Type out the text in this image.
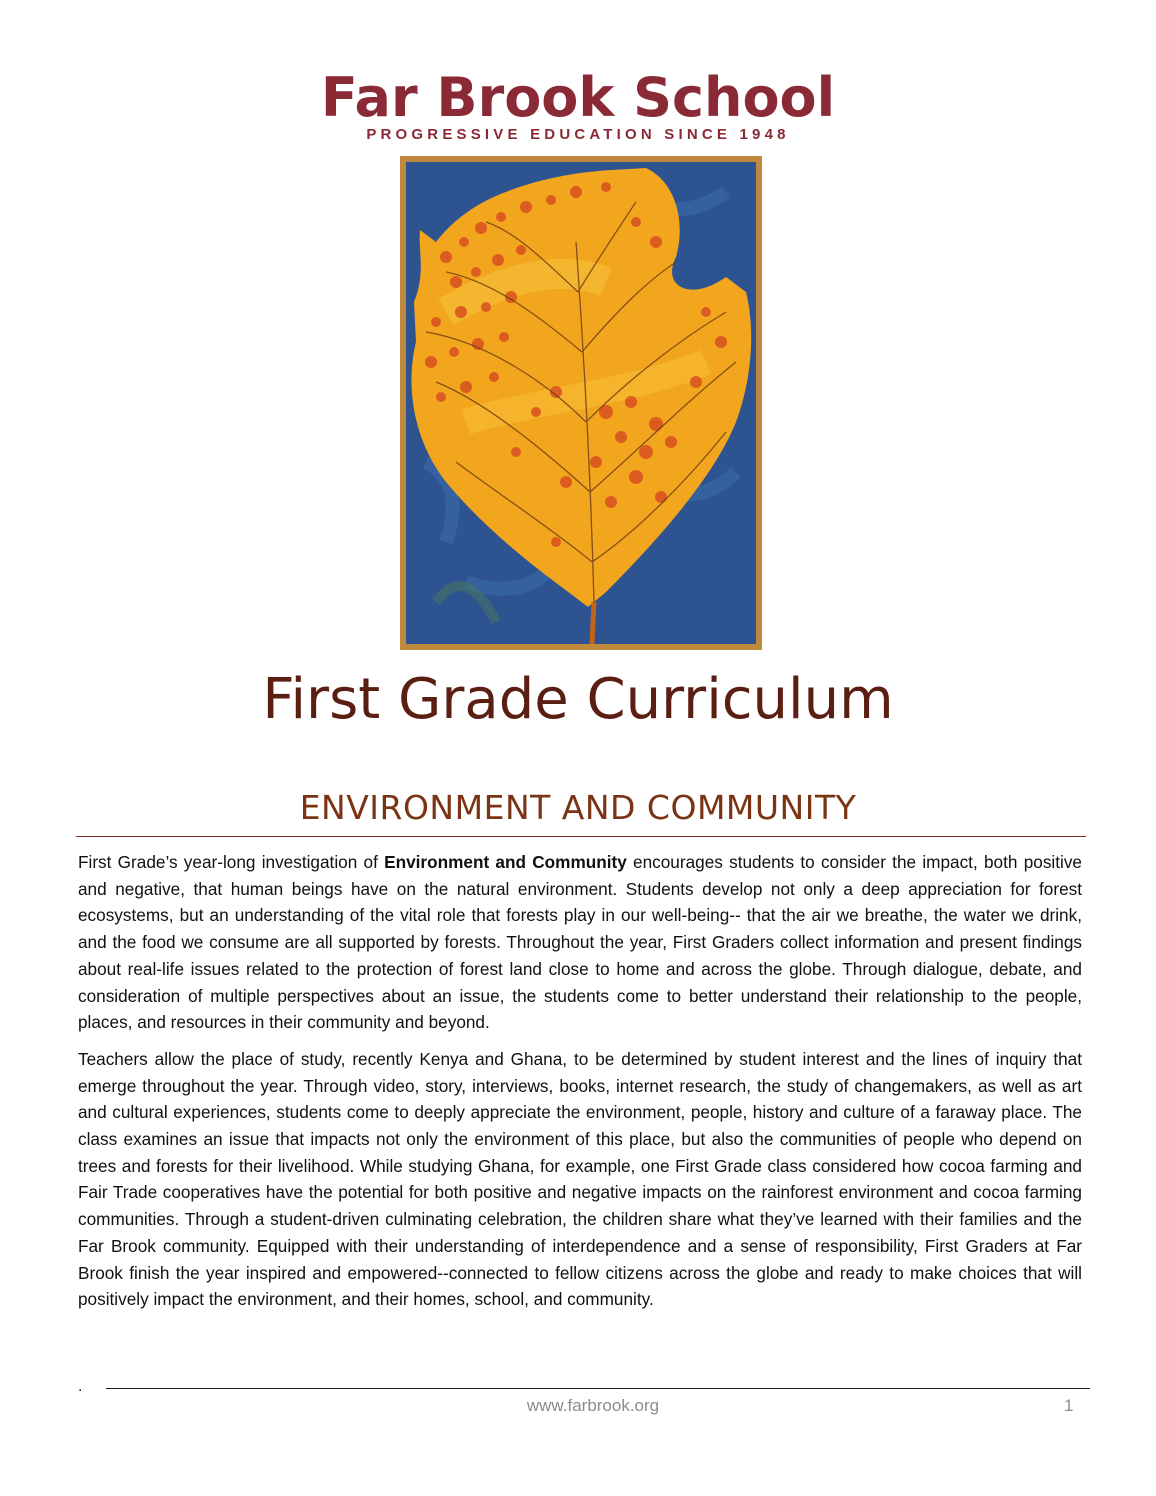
Far Brook School
PROGRESSIVE EDUCATION SINCE 1948
First Grade Curriculum
ENVIRONMENT AND COMMUNITY

First Grade’s year-long investigation of Environment and Community encourages students to consider the impact, both positive and negative, that human beings have on the natural environment. Students develop not only a deep appreciation for forest ecosystems, but an understanding of the vital role that forests play in our well-being-- that the air we breathe, the water we drink, and the food we consume are all supported by forests. Throughout the year, First Graders collect information and present findings about real-life issues related to the protection of forest land close to home and across the globe. Through dialogue, debate, and consideration of multiple perspectives about an issue, the students come to better understand their relationship to the people, places, and resources in their community and beyond.

Teachers allow the place of study, recently Kenya and Ghana, to be determined by student interest and the lines of inquiry that emerge throughout the year. Through video, story, interviews, books, internet research, the study of changemakers, as well as art and cultural experiences, students come to deeply appreciate the environment, people, history and culture of a faraway place. The class examines an issue that impacts not only the environment of this place, but also the communities of people who depend on trees and forests for their livelihood. While studying Ghana, for example, one First Grade class considered how cocoa farming and Fair Trade cooperatives have the potential for both positive and negative impacts on the rainforest environment and cocoa farming communities. Through a student-driven culminating celebration, the children share what they’ve learned with their families and the Far Brook community. Equipped with their understanding of interdependence and a sense of responsibility, First Graders at Far Brook finish the year inspired and empowered--connected to fellow citizens across the globe and ready to make choices that will positively impact the environment, and their homes, school, and community.

.
www.farbrook.org	1
